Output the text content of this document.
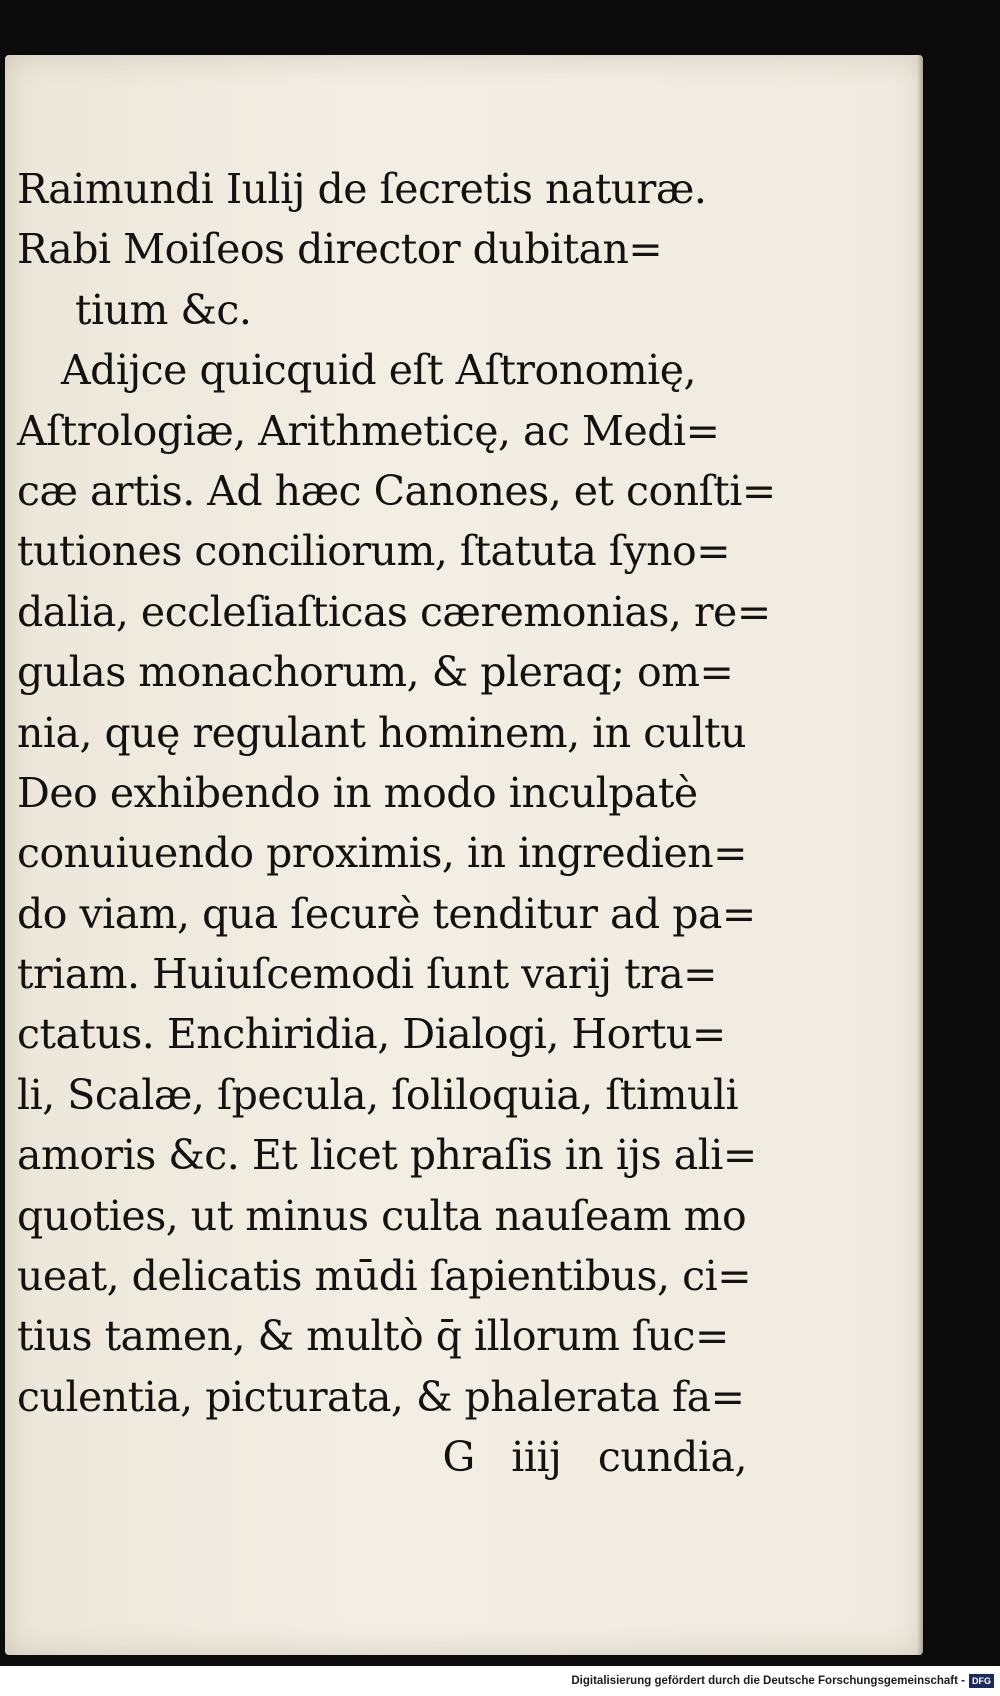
Raimundi Iulij de ſecretis naturæ.
Rabi Moiſeos director dubitan=
tium &c.
Adijce quicquid eſt Aſtronomię,
Aſtrologiæ, Arithmeticę, ac Medi=
cæ artis. Ad hæc Canones, et conſti=
tutiones conciliorum, ſtatuta ſyno=
dalia, eccleſiaſticas cæremonias, re=
gulas monachorum, & pleraq; om=
nia, quę regulant hominem, in cultu
Deo exhibendo in modo inculpatè
conuiuendo proximis, in ingredien=
do viam, qua ſecurè tenditur ad pa=
triam. Huiuſcemodi ſunt varij tra=
ctatus. Enchiridia, Dialogi, Hortu=
li, Scalæ, ſpecula, ſoliloquia, ſtimuli
amoris &c. Et licet phraſis in ijs ali=
quoties, ut minus culta nauſeam mo
ueat, delicatis mūdi ſapientibus, ci=
tius tamen, & multò q̄ illorum ſuc=
culentia, picturata, & phalerata fa=
G iiij cundia,
Digitalisierung gefördert durch die Deutsche Forschungsgemeinschaft - DFG
